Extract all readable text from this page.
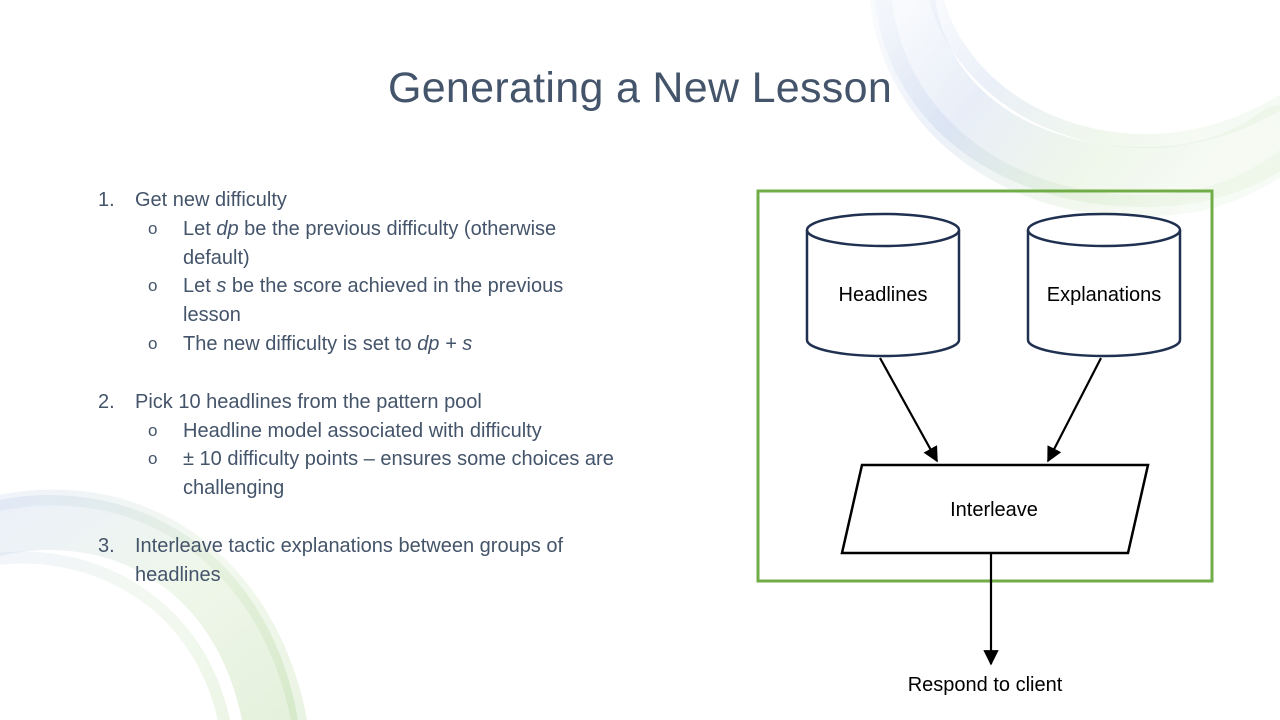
Generating a New Lesson
1. Get new difficulty
o Let dp be the previous difficulty (otherwise default)
o Let s be the score achieved in the previous lesson
o The new difficulty is set to dp + s
2. Pick 10 headlines from the pattern pool
o Headline model associated with difficulty
o ± 10 difficulty points – ensures some choices are challenging
3. Interleave tactic explanations between groups of headlines
Headlines	Explanations
Interleave
Respond to client
